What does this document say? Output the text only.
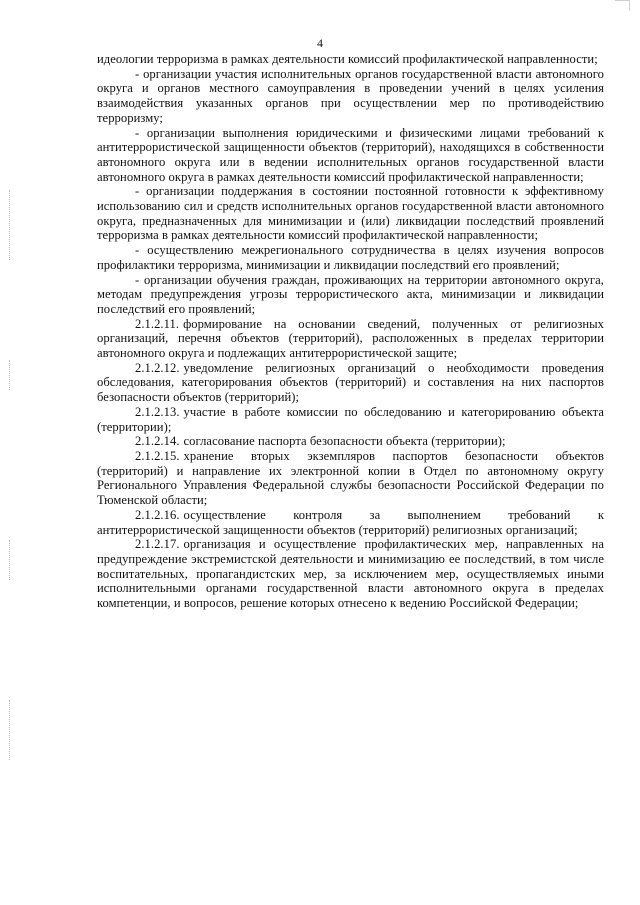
4

идеологии терроризма в рамках деятельности комиссий профилактической направленности;

- организации участия исполнительных органов государственной власти автономного округа и органов местного самоуправления в проведении учений в целях усиления взаимодействия указанных органов при осуществлении мер по противодействию терроризму;

- организации выполнения юридическими и физическими лицами требований к антитеррористической защищенности объектов (территорий), находящихся в собственности автономного округа или в ведении исполнительных органов государственной власти автономного округа в рамках деятельности комиссий профилактической направленности;

- организации поддержания в состоянии постоянной готовности к эффективному использованию сил и средств исполнительных органов государственной власти автономного округа, предназначенных для минимизации и (или) ликвидации последствий проявлений терроризма в рамках деятельности комиссий профилактической направленности;

- осуществлению межрегионального сотрудничества в целях изучения вопросов профилактики терроризма, минимизации и ликвидации последствий его проявлений;

- организации обучения граждан, проживающих на территории автономного округа, методам предупреждения угрозы террористического акта, минимизации и ликвидации последствий его проявлений;

2.1.2.11. формирование на основании сведений, полученных от религиозных организаций, перечня объектов (территорий), расположенных в пределах территории автономного округа и подлежащих антитеррористической защите;

2.1.2.12. уведомление религиозных организаций о необходимости проведения обследования, категорирования объектов (территорий) и составления на них паспортов безопасности объектов (территорий);

2.1.2.13. участие в работе комиссии по обследованию и категорированию объекта (территории);

2.1.2.14. согласование паспорта безопасности объекта (территории);

2.1.2.15. хранение вторых экземпляров паспортов безопасности объектов (территорий) и направление их электронной копии в Отдел по автономному округу Регионального Управления Федеральной службы безопасности Российской Федерации по Тюменской области;

2.1.2.16. осуществление контроля за выполнением требований к антитеррористической защищенности объектов (территорий) религиозных организаций;

2.1.2.17. организация и осуществление профилактических мер, направленных на предупреждение экстремистской деятельности и минимизацию ее последствий, в том числе воспитательных, пропагандистских мер, за исключением мер, осуществляемых иными исполнительными органами государственной власти автономного округа в пределах компетенции, и вопросов, решение которых отнесено к ведению Российской Федерации;
